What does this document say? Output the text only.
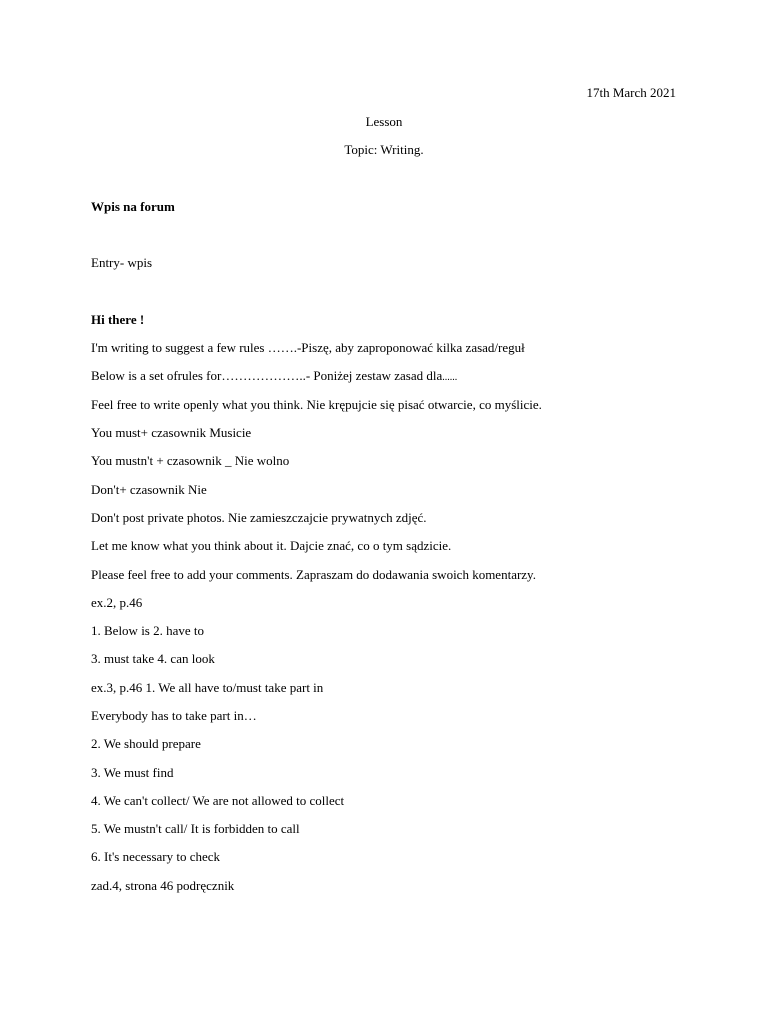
17th March 2021
Lesson
Topic: Writing.
Wpis na forum
Entry- wpis
Hi there !
I'm writing to suggest a few rules …….-Piszę, aby zaproponować kilka zasad/reguł
Below is a set ofrules for………………..- Poniżej zestaw zasad dla......
Feel free to write openly what you think. Nie krępujcie się pisać otwarcie, co myślicie.
You must+ czasownik Musicie
You mustn't + czasownik _ Nie wolno
Don't+ czasownik Nie
Don't post private photos. Nie zamieszczajcie prywatnych zdjęć.
Let me know what you think about it. Dajcie znać, co o tym sądzicie.
Please feel free to add your comments. Zapraszam do dodawania swoich komentarzy.
ex.2, p.46
1. Below is 2. have to
3. must take 4. can look
ex.3, p.46 1. We all have to/must take part in
Everybody has to take part in…
2. We should prepare
3. We must find
4. We can't collect/ We are not allowed to collect
5. We mustn't call/ It is forbidden to call
6. It's necessary to check
zad.4, strona 46 podręcznik
